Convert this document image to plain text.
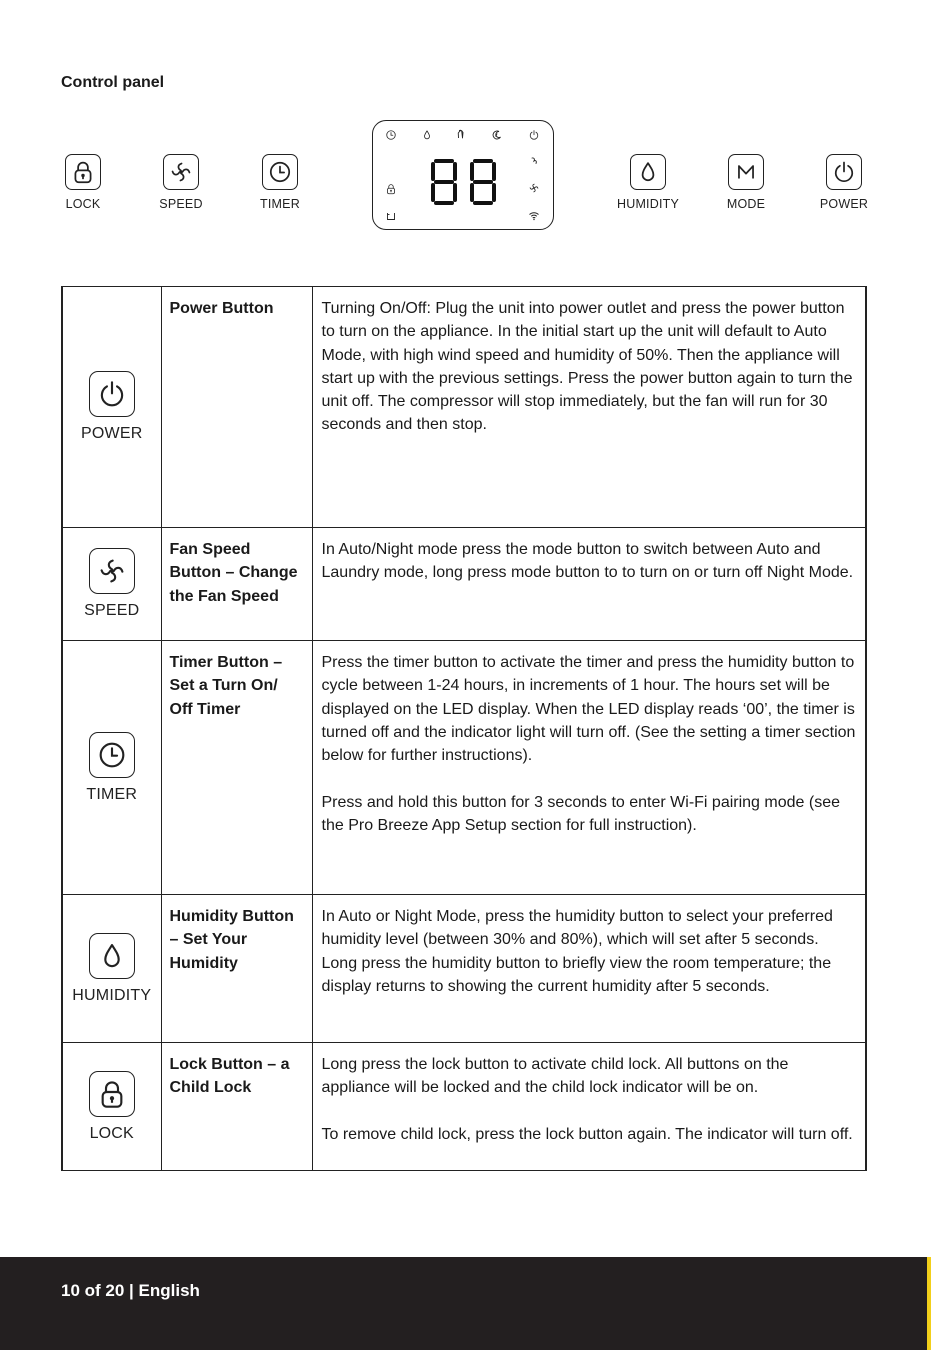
Control panel
LOCK	SPEED	TIMER	HUMIDITY	MODE	POWER
POWER	Power Button	Turning On/Off: Plug the unit into power outlet and press the power button to turn on the appliance. In the initial start up the unit will default to Auto Mode, with high wind speed and humidity of 50%. Then the appliance will start up with the previous settings. Press the power button again to turn the unit off. The compressor will stop immediately, but the fan will run for 30 seconds and then stop.

SPEED	Fan Speed Button – Change the Fan Speed	In Auto/Night mode press the mode button to switch between Auto and Laundry mode, long press mode button to to turn on or turn off Night Mode.

TIMER	Timer Button – Set a Turn On/ Off Timer	Press the timer button to activate the timer and press the humidity button to cycle between 1-24 hours, in increments of 1 hour. The hours set will be displayed on the LED display. When the LED display reads ‘00’, the timer is turned off and the indicator light will turn off. (See the setting a timer section below for further instructions).

Press and hold this button for 3 seconds to enter Wi-Fi pairing mode (see the Pro Breeze App Setup section for full instruction).

HUMIDITY	Humidity Button – Set Your Humidity	In Auto or Night Mode, press the humidity button to select your preferred humidity level (between 30% and 80%), which will set after 5 seconds. Long press the humidity button to briefly view the room temperature; the display returns to showing the current humidity after 5 seconds.

LOCK	Lock Button – a Child Lock	Long press the lock button to activate child lock. All buttons on the appliance will be locked and the child lock indicator will be on.

To remove child lock, press the lock button again. The indicator will turn off.

10 of 20 | English
